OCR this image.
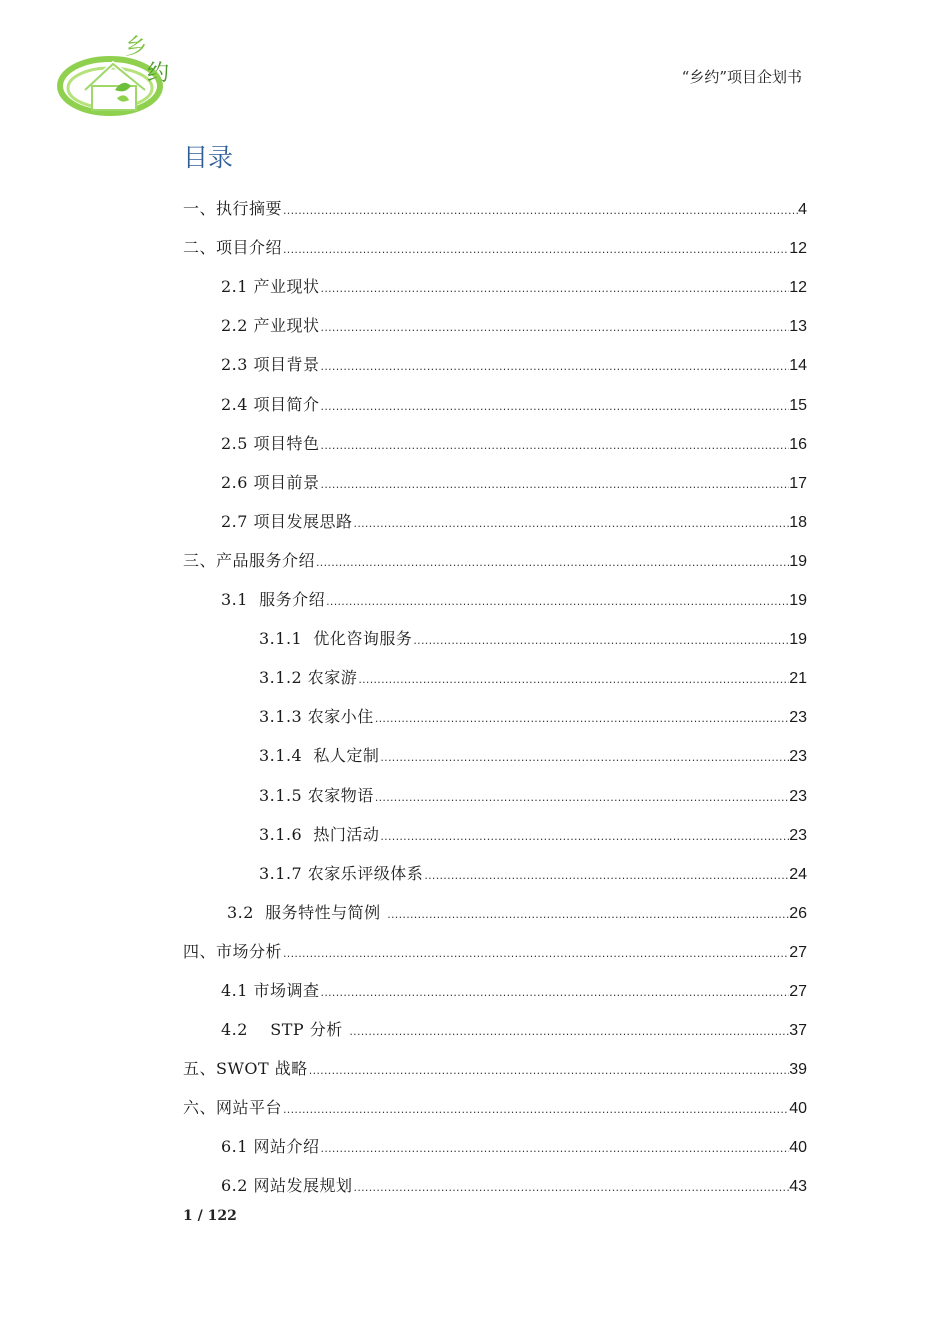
乡
约	“乡约”项目企划书
目录
一、执行摘要 .....	4
二、项目介绍 .....	12
2.1 产业现状 .....	12
2.2 产业现状 .....	13
2.3 项目背景 .....	14
2.4 项目简介 .....	15
2.5 项目特色 .....	16
2.6 项目前景 .....	17
2.7 项目发展思路 .....	18
三、产品服务介绍 .....	19
3.1  服务介绍 .....	19
3.1.1  优化咨询服务 .....	19
3.1.2 农家游 .....	21
3.1.3 农家小住 .....	23
3.1.4  私人定制 .....	23
3.1.5 农家物语 .....	23
3.1.6  热门活动 .....	23
3.1.7 农家乐评级体系 .....	24
3.2  服务特性与简例 .....	26
四、市场分析 .....	27
4.1 市场调查 .....	27
4.2    STP 分析 .....	37
五、SWOT 战略 .....	39
六、网站平台 .....	40
6.1 网站介绍 .....	40
6.2 网站发展规划 .....	43
1 / 122
